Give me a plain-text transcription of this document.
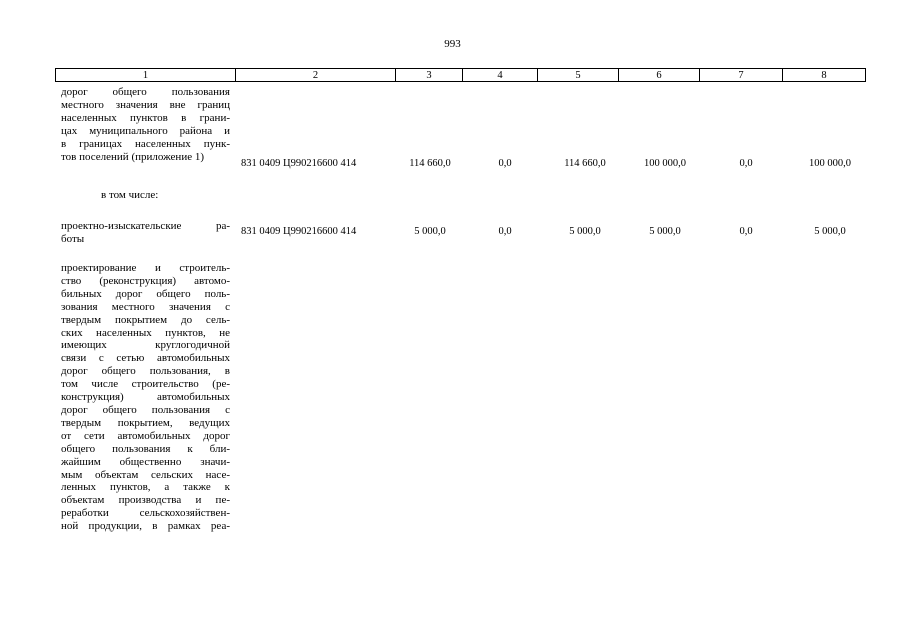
993
1	2	3	4	5	6	7	8
дорог общего пользования
местного значения вне границ
населенных пунктов в грани-
цах муниципального района и
в границах населенных пунк-
тов поселений (приложение 1)
831 0409 Ц990216600 414	114 660,0	0,0	114 660,0	100 000,0	0,0	100 000,0
в том числе:
проектно-изыскательские ра-
боты
831 0409 Ц990216600 414	5 000,0	0,0	5 000,0	5 000,0	0,0	5 000,0
проектирование и строитель-
ство (реконструкция) автомо-
бильных дорог общего поль-
зования местного значения с
твердым покрытием до сель-
ских населенных пунктов, не
имеющих круглогодичной
связи с сетью автомобильных
дорог общего пользования, в
том числе строительство (ре-
конструкция) автомобильных
дорог общего пользования с
твердым покрытием, ведущих
от сети автомобильных дорог
общего пользования к бли-
жайшим общественно значи-
мым объектам сельских насе-
ленных пунктов, а также к
объектам производства и пе-
реработки сельскохозяйствен-
ной продукции, в рамках реа-
